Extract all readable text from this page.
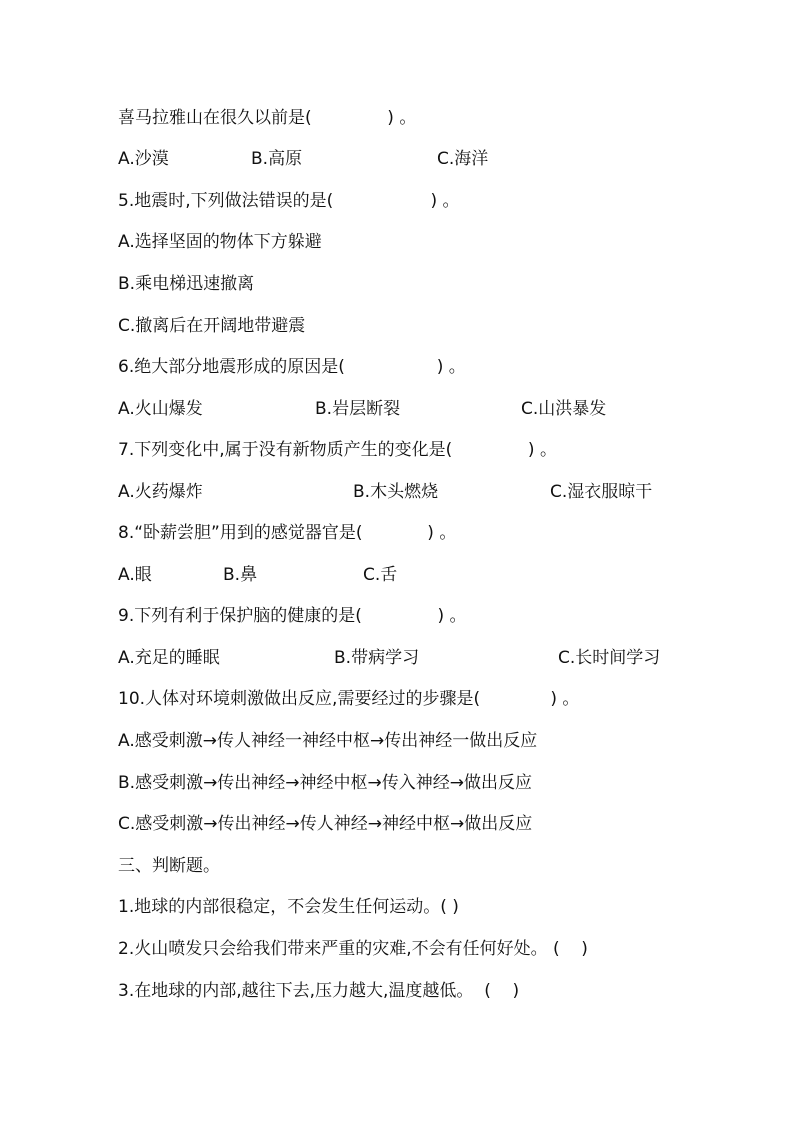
喜马拉雅山在很久以前是(              ) 。
A.沙漠	B.高原	C.海洋
5.地震时,下列做法错误的是(                  ) 。
A.选择坚固的物体下方躲避
B.乘电梯迅速撤离
C.撤离后在开阔地带避震
6.绝大部分地震形成的原因是(                 ) 。
A.火山爆发	B.岩层断裂	C.山洪暴发
7.下列变化中,属于没有新物质产生的变化是(              ) 。
A.火药爆炸	B.木头燃烧	C.湿衣服晾干
8.“卧薪尝胆”用到的感觉器官是(            ) 。
A.眼	B.鼻	C.舌
9.下列有利于保护脑的健康的是(              ) 。
A.充足的睡眠	B.带病学习	C.长时间学习
10.人体对环境刺激做出反应,需要经过的步骤是(             ) 。
A.感受刺激→传人神经一神经中枢→传出神经一做出反应
B.感受刺激→传出神经→神经中枢→传入神经→做出反应
C.感受刺激→传出神经→传人神经→神经中枢→做出反应
三、判断题。
1.地球的内部很稳定，不会发生任何运动。( )
2.火山喷发只会给我们带来严重的灾难,不会有任何好处。 (    )
3.在地球的内部,越往下去,压力越大,温度越低。  (    )
